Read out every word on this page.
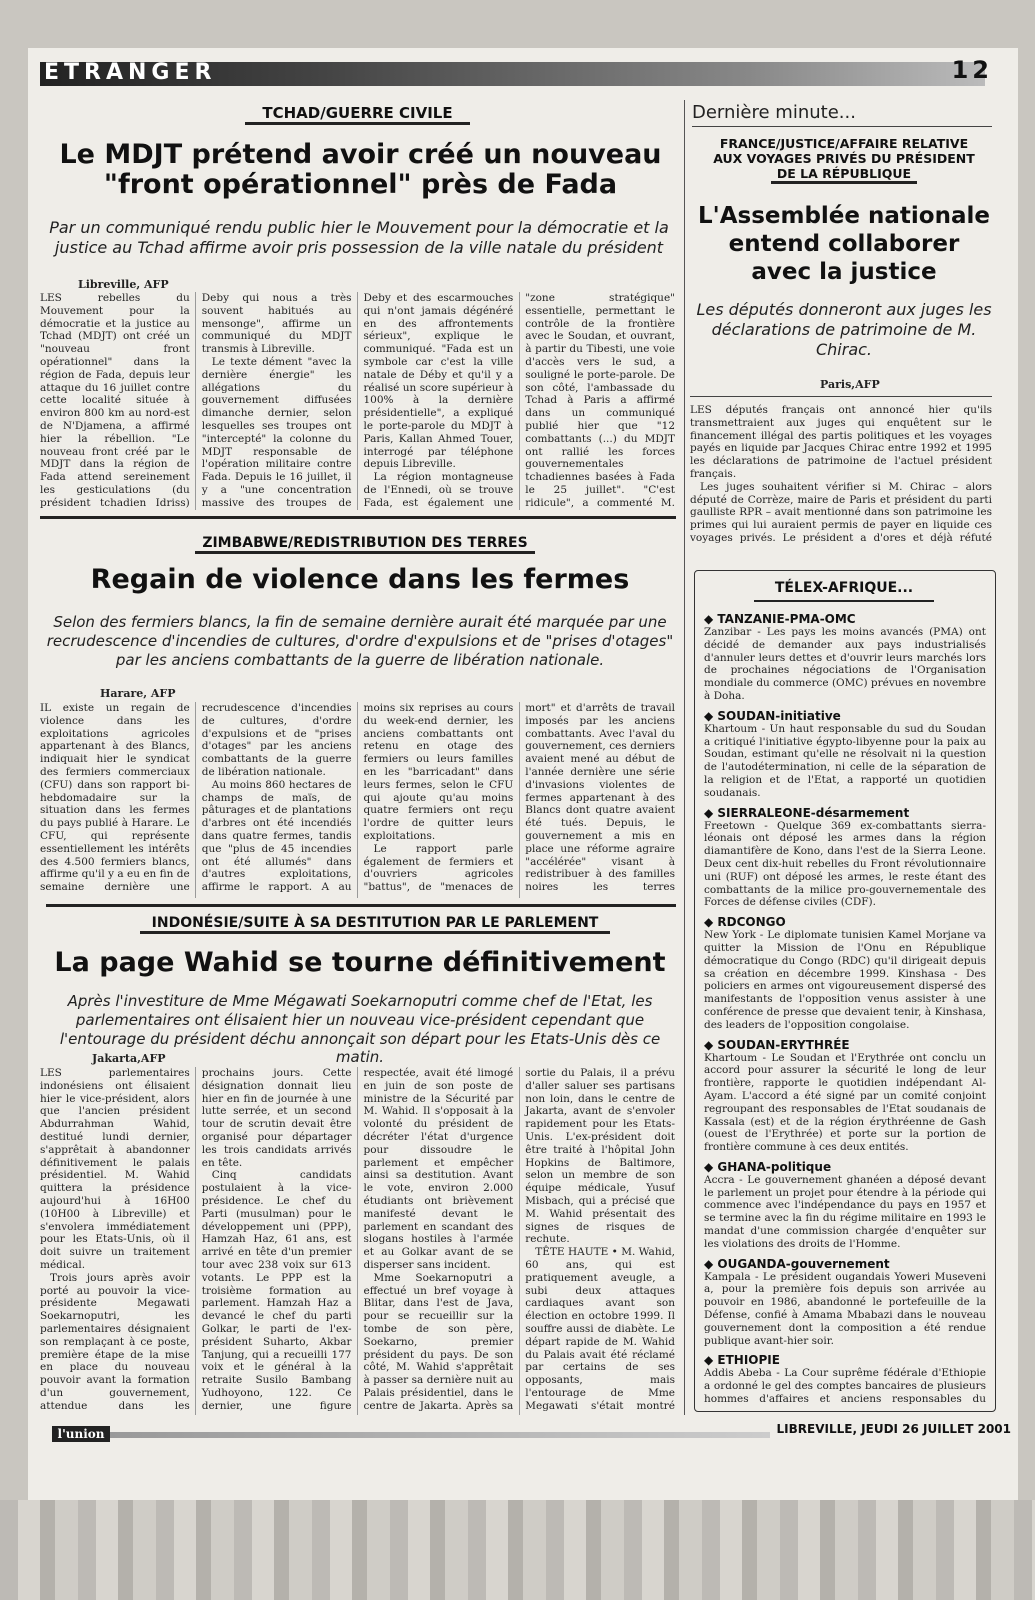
ETRANGER	12
TCHAD/GUERRE CIVILE
Le MDJT prétend avoir créé un nouveau "front opérationnel" près de Fada
Par un communiqué rendu public hier le Mouvement pour la démocratie et la justice au Tchad affirme avoir pris possession de la ville natale du président
Libreville, AFP

LES rebelles du Mouvement pour la démocratie et la justice au Tchad (MDJT) ont créé un "nouveau front opérationnel" dans la région de Fada, depuis leur attaque du 16 juillet contre cette localité située à environ 800 km au nord-est de N'Djamena, a affirmé hier la rébellion. "Le nouveau front créé par le MDJT dans la région de Fada attend sereinement les gesticulations (du président tchadien Idriss) Deby qui nous a très souvent habitués au mensonge", affirme un communiqué du MDJT transmis à Libreville.

Le texte dément "avec la dernière énergie" les allégations du gouvernement diffusées dimanche dernier, selon lesquelles ses troupes ont "intercepté" la colonne du MDJT responsable de l'opération militaire contre Fada. Depuis le 16 juillet, il y a "une concentration massive des troupes de Deby et des escarmouches qui n'ont jamais dégénéré en des affrontements sérieux", explique le communiqué. "Fada est un symbole car c'est la ville natale de Déby et qu'il y a réalisé un score supérieur à 100% à la dernière présidentielle", a expliqué le porte-parole du MDJT à Paris, Kallan Ahmed Touer, interrogé par téléphone depuis Libreville.

La région montagneuse de l'Ennedi, où se trouve Fada, est également une "zone stratégique" essentielle, permettant le contrôle de la frontière avec le Soudan, et ouvrant, à partir du Tibesti, une voie d'accès vers le sud, a souligné le porte-parole. De son côté, l'ambassade du Tchad à Paris a affirmé dans un communiqué publié hier que "12 combattants (...) du MDJT ont rallié les forces gouvernementales tchadiennes basées à Fada le 25 juillet". "C'est ridicule", a commenté M.

ZIMBABWE/REDISTRIBUTION DES TERRES
Regain de violence dans les fermes
Selon des fermiers blancs, la fin de semaine dernière aurait été marquée par une recrudescence d'incendies de cultures, d'ordre d'expulsions et de "prises d'otages" par les anciens combattants de la guerre de libération nationale.
Harare, AFP

IL existe un regain de violence dans les exploitations agricoles appartenant à des Blancs, indiquait hier le syndicat des fermiers commerciaux (CFU) dans son rapport bi-hebdomadaire sur la situation dans les fermes du pays publié à Harare. Le CFU, qui représente essentiellement les intérêts des 4.500 fermiers blancs, affirme qu'il y a eu en fin de semaine dernière une recrudescence d'incendies de cultures, d'ordre d'expulsions et de "prises d'otages" par les anciens combattants de la guerre de libération nationale.

Au moins 860 hectares de champs de maïs, de pâturages et de plantations d'arbres ont été incendiés dans quatre fermes, tandis que "plus de 45 incendies ont été allumés" dans d'autres exploitations, affirme le rapport. A au moins six reprises au cours du week-end dernier, les anciens combattants ont retenu en otage des fermiers ou leurs familles en les "barricadant" dans leurs fermes, selon le CFU qui ajoute qu'au moins quatre fermiers ont reçu l'ordre de quitter leurs exploitations.

Le rapport parle également de fermiers et d'ouvriers agricoles "battus", de "menaces de mort" et d'arrêts de travail imposés par les anciens combattants. Avec l'aval du gouvernement, ces derniers avaient mené au début de l'année dernière une série d'invasions violentes de fermes appartenant à des Blancs dont quatre avaient été tués. Depuis, le gouvernement a mis en place une réforme agraire "accélérée" visant à redistribuer à des familles noires les terres

INDONÉSIE/SUITE À SA DESTITUTION PAR LE PARLEMENT
La page Wahid se tourne définitivement
Après l'investiture de Mme Mégawati Soekarnoputri comme chef de l'Etat, les parlementaires ont élisaient hier un nouveau vice-président cependant que l'entourage du président déchu annonçait son départ pour les Etats-Unis dès ce matin.
Jakarta,AFP

LES parlementaires indonésiens ont élisaient hier le vice-président, alors que l'ancien président Abdurrahman Wahid, destitué lundi dernier, s'apprêtait à abandonner définitivement le palais présidentiel. M. Wahid quittera la présidence aujourd'hui à 16H00 (10H00 à Libreville) et s'envolera immédiatement pour les Etats-Unis, où il doit suivre un traitement médical.

Trois jours après avoir porté au pouvoir la vice-présidente Megawati Soekarnoputri, les parlementaires désignaient son remplaçant à ce poste, première étape de la mise en place du nouveau pouvoir avant la formation d'un gouvernement, attendue dans les prochains jours. Cette désignation donnait lieu hier en fin de journée à une lutte serrée, et un second tour de scrutin devait être organisé pour départager les trois candidats arrivés en tête.

Cinq candidats postulaient à la vice-présidence. Le chef du Parti (musulman) pour le développement uni (PPP), Hamzah Haz, 61 ans, est arrivé en tête d'un premier tour avec 238 voix sur 613 votants. Le PPP est la troisième formation au parlement. Hamzah Haz a devancé le chef du parti Golkar, le parti de l'ex-président Suharto, Akbar Tanjung, qui a recueilli 177 voix et le général à la retraite Susilo Bambang Yudhoyono, 122. Ce dernier, une figure respectée, avait été limogé en juin de son poste de ministre de la Sécurité par M. Wahid. Il s'opposait à la volonté du président de décréter l'état d'urgence pour dissoudre le parlement et empêcher ainsi sa destitution. Avant le vote, environ 2.000 étudiants ont brièvement manifesté devant le parlement en scandant des slogans hostiles à l'armée et au Golkar avant de se disperser sans incident.

Mme Soekarnoputri a effectué un bref voyage à Blitar, dans l'est de Java, pour se recueillir sur la tombe de son père, Soekarno, premier président du pays. De son côté, M. Wahid s'apprêtait à passer sa dernière nuit au Palais présidentiel, dans le centre de Jakarta. Après sa sortie du Palais, il a prévu d'aller saluer ses partisans non loin, dans le centre de Jakarta, avant de s'envoler rapidement pour les Etats-Unis. L'ex-président doit être traité à l'hôpital John Hopkins de Baltimore, selon un membre de son équipe médicale, Yusuf Misbach, qui a précisé que M. Wahid présentait des signes de risques de rechute.

TÊTE HAUTE • M. Wahid, 60 ans, qui est pratiquement aveugle, a subi deux attaques cardiaques avant son élection en octobre 1999. Il souffre aussi de diabète. Le départ rapide de M. Wahid du Palais avait été réclamé par certains de ses opposants, mais l'entourage de Mme Megawati s'était montré

Dernière minute...
FRANCE/JUSTICE/AFFAIRE RELATIVE
AUX VOYAGES PRIVÉS DU PRÉSIDENT
DE LA RÉPUBLIQUE
L'Assemblée nationale entend collaborer avec la justice
Les députés donneront aux juges les déclarations de patrimoine de M. Chirac.
Paris,AFP

LES députés français ont annoncé hier qu'ils transmettraient aux juges qui enquêtent sur le financement illégal des partis politiques et les voyages payés en liquide par Jacques Chirac entre 1992 et 1995 les déclarations de patrimoine de l'actuel président français.

Les juges souhaitent vérifier si M. Chirac – alors député de Corrèze, maire de Paris et président du parti gaulliste RPR – avait mentionné dans son patrimoine les primes qui lui auraient permis de payer en liquide ces voyages privés. Le président a d'ores et déjà réfuté

TÉLEX-AFRIQUE...
◆ TANZANIE-PMA-OMC
Zanzibar - Les pays les moins avancés (PMA) ont décidé de demander aux pays industrialisés d'annuler leurs dettes et d'ouvrir leurs marchés lors de prochaines négociations de l'Organisation mondiale du commerce (OMC) prévues en novembre à Doha.
◆ SOUDAN-initiative
Khartoum - Un haut responsable du sud du Soudan a critiqué l'initiative égypto-libyenne pour la paix au Soudan, estimant qu'elle ne résolvait ni la question de l'autodétermination, ni celle de la séparation de la religion et de l'Etat, a rapporté un quotidien soudanais.
◆ SIERRALEONE-désarmement
Freetown - Quelque 369 ex-combattants sierra-léonais ont déposé les armes dans la région diamantifère de Kono, dans l'est de la Sierra Leone. Deux cent dix-huit rebelles du Front révolutionnaire uni (RUF) ont déposé les armes, le reste étant des combattants de la milice pro-gouvernementale des Forces de défense civiles (CDF).
◆ RDCONGO
New York - Le diplomate tunisien Kamel Morjane va quitter la Mission de l'Onu en République démocratique du Congo (RDC) qu'il dirigeait depuis sa création en décembre 1999. Kinshasa - Des policiers en armes ont vigoureusement dispersé des manifestants de l'opposition venus assister à une conférence de presse que devaient tenir, à Kinshasa, des leaders de l'opposition congolaise.
◆ SOUDAN-ERYTHRÉE
Khartoum - Le Soudan et l'Erythrée ont conclu un accord pour assurer la sécurité le long de leur frontière, rapporte le quotidien indépendant Al-Ayam. L'accord a été signé par un comité conjoint regroupant des responsables de l'Etat soudanais de Kassala (est) et de la région érythréenne de Gash (ouest de l'Erythrée) et porte sur la portion de frontière commune à ces deux entités.
◆ GHANA-politique
Accra - Le gouvernement ghanéen a déposé devant le parlement un projet pour étendre à la période qui commence avec l'indépendance du pays en 1957 et se termine avec la fin du régime militaire en 1993 le mandat d'une commission chargée d'enquêter sur les violations des droits de l'Homme.
◆ OUGANDA-gouvernement
Kampala - Le président ougandais Yoweri Museveni a, pour la première fois depuis son arrivée au pouvoir en 1986, abandonné le portefeuille de la Défense, confié à Amama Mbabazi dans le nouveau gouvernement dont la composition a été rendue publique avant-hier soir.
◆ ETHIOPIE
Addis Abeba - La Cour suprême fédérale d'Ethiopie a ordonné le gel des comptes bancaires de plusieurs hommes d'affaires et anciens responsables du
l'union	LIBREVILLE, JEUDI 26 JUILLET 2001
